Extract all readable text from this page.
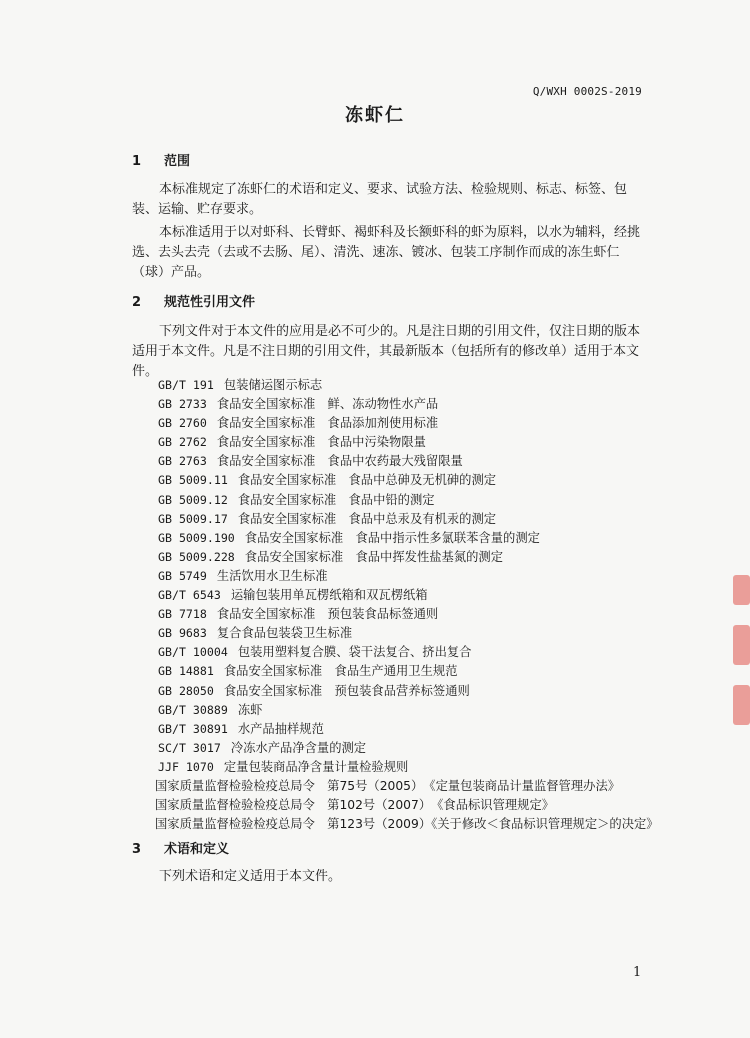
Q/WXH 0002S-2019
冻虾仁
1 范围
本标准规定了冻虾仁的术语和定义、要求、试验方法、检验规则、标志、标签、包装、运输、贮存要求。
本标准适用于以对虾科、长臂虾、褐虾科及长额虾科的虾为原料，以水为辅料，经挑选、去头去壳（去或不去肠、尾）、清洗、速冻、镀冰、包装工序制作而成的冻生虾仁（球）产品。
2 规范性引用文件
下列文件对于本文件的应用是必不可少的。凡是注日期的引用文件，仅注日期的版本适用于本文件。凡是不注日期的引用文件，其最新版本（包括所有的修改单）适用于本文件。
GB/T 191 包装储运图示标志
GB 2733 食品安全国家标准　鲜、冻动物性水产品
GB 2760 食品安全国家标准　食品添加剂使用标准
GB 2762 食品安全国家标准　食品中污染物限量
GB 2763 食品安全国家标准　食品中农药最大残留限量
GB 5009.11 食品安全国家标准　食品中总砷及无机砷的测定
GB 5009.12 食品安全国家标准　食品中铅的测定
GB 5009.17 食品安全国家标准　食品中总汞及有机汞的测定
GB 5009.190 食品安全国家标准　食品中指示性多氯联苯含量的测定
GB 5009.228 食品安全国家标准　食品中挥发性盐基氮的测定
GB 5749 生活饮用水卫生标准
GB/T 6543 运输包装用单瓦楞纸箱和双瓦楞纸箱
GB 7718 食品安全国家标准　预包装食品标签通则
GB 9683 复合食品包装袋卫生标准
GB/T 10004 包装用塑料复合膜、袋干法复合、挤出复合
GB 14881 食品安全国家标准　食品生产通用卫生规范
GB 28050 食品安全国家标准　预包装食品营养标签通则
GB/T 30889 冻虾
GB/T 30891 水产品抽样规范
SC/T 3017 冷冻水产品净含量的测定
JJF 1070 定量包装商品净含量计量检验规则
国家质量监督检验检疫总局令　第75号（2005）　《定量包装商品计量监督管理办法》
国家质量监督检验检疫总局令　第102号（2007）　《食品标识管理规定》
国家质量监督检验检疫总局令　第123号（2009）《关于修改＜食品标识管理规定＞的决定》
3 术语和定义
下列术语和定义适用于本文件。
1
